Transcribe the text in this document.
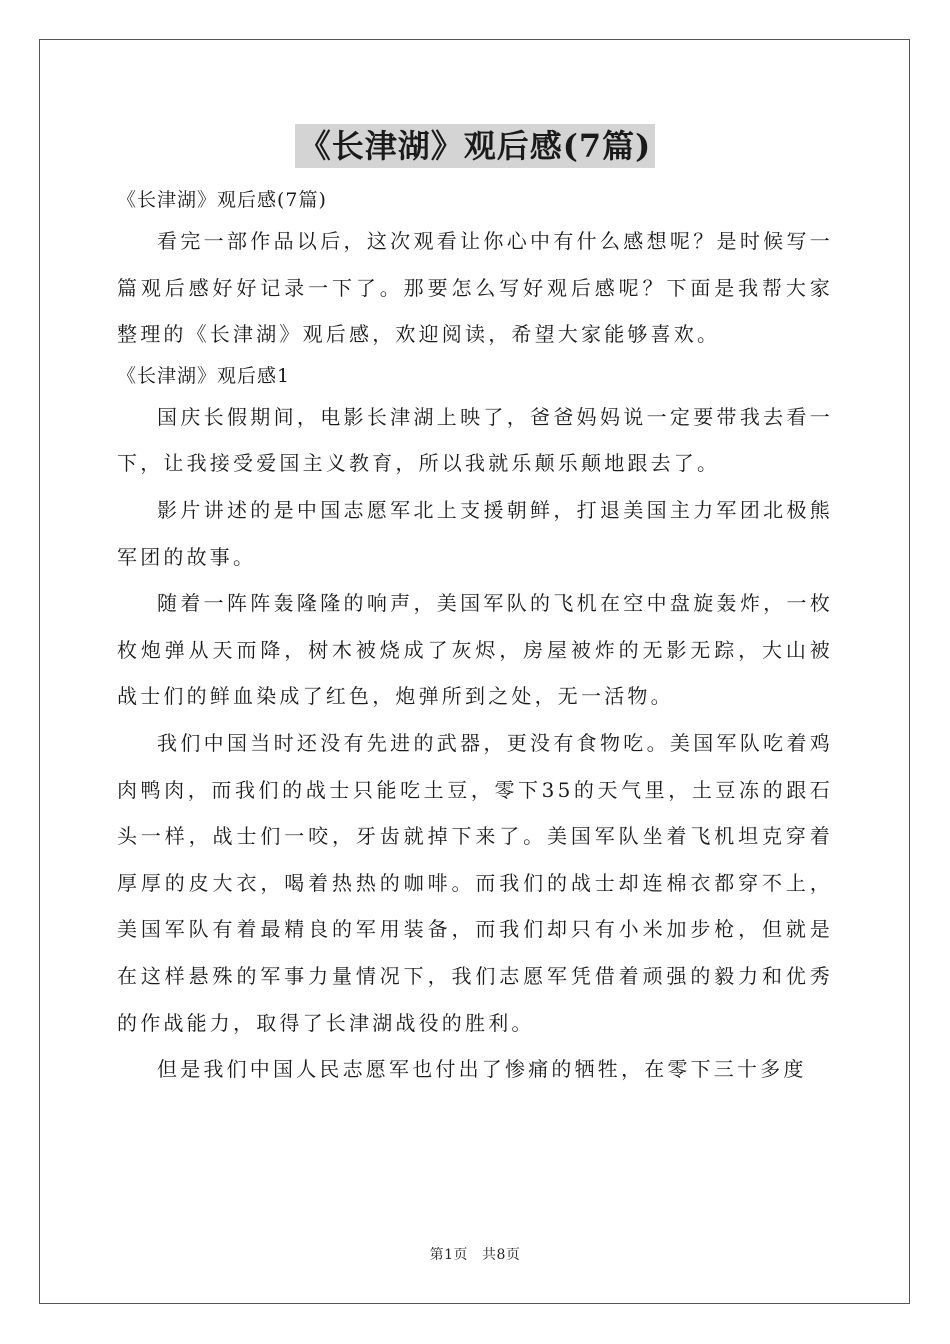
《长津湖》观后感(7篇)

《长津湖》观后感(7篇)

看完一部作品以后，这次观看让你心中有什么感想呢？是时候写一篇观后感好好记录一下了。那要怎么写好观后感呢？下面是我帮大家整理的《长津湖》观后感，欢迎阅读，希望大家能够喜欢。

《长津湖》观后感1

国庆长假期间，电影长津湖上映了，爸爸妈妈说一定要带我去看一下，让我接受爱国主义教育，所以我就乐颠乐颠地跟去了。

影片讲述的是中国志愿军北上支援朝鲜，打退美国主力军团北极熊军团的故事。

随着一阵阵轰隆隆的响声，美国军队的飞机在空中盘旋轰炸，一枚枚炮弹从天而降，树木被烧成了灰烬，房屋被炸的无影无踪，大山被战士们的鲜血染成了红色，炮弹所到之处，无一活物。

我们中国当时还没有先进的武器，更没有食物吃。美国军队吃着鸡肉鸭肉，而我们的战士只能吃土豆，零下35的天气里，土豆冻的跟石头一样，战士们一咬，牙齿就掉下来了。美国军队坐着飞机坦克穿着厚厚的皮大衣，喝着热热的咖啡。而我们的战士却连棉衣都穿不上，美国军队有着最精良的军用装备，而我们却只有小米加步枪，但就是在这样悬殊的军事力量情况下，我们志愿军凭借着顽强的毅力和优秀的作战能力，取得了长津湖战役的胜利。

但是我们中国人民志愿军也付出了惨痛的牺牲，在零下三十多度

第1页 共8页
